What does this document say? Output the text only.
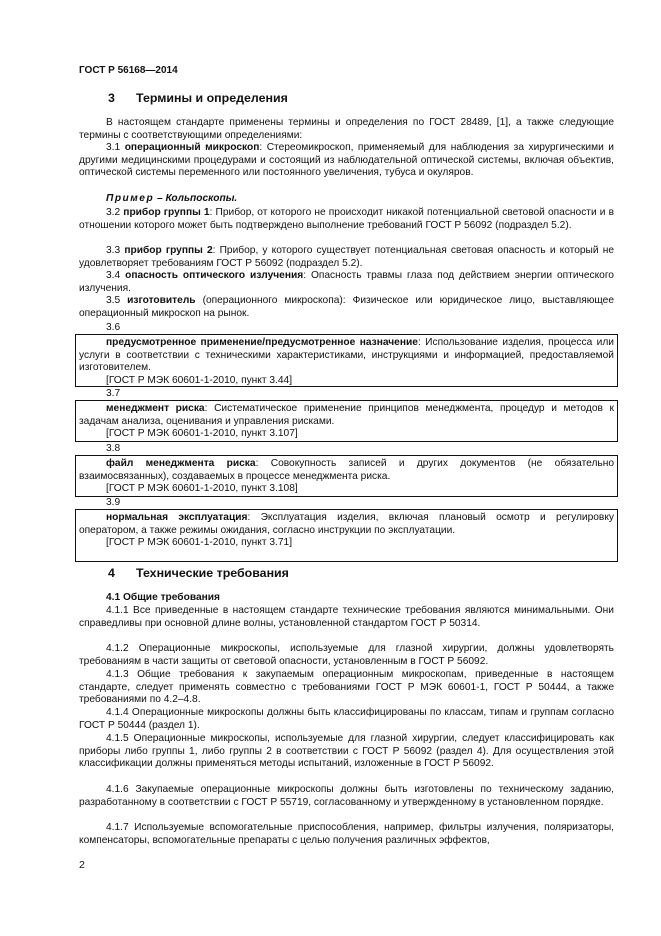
ГОСТ Р 56168—2014
3 Термины и определения
В настоящем стандарте применены термины и определения по ГОСТ 28489, [1], а также следующие термины с соответствующими определениями:
3.1 операционный микроскоп: Стереомикроскоп, применяемый для наблюдения за хирургическими и другими медицинскими процедурами и состоящий из наблюдательной оптической системы, включая объектив, оптической системы переменного или постоянного увеличения, тубуса и окуляров.
Пример – Кольпоскопы.
3.2 прибор группы 1: Прибор, от которого не происходит никакой потенциальной световой опасности и в отношении которого может быть подтверждено выполнение требований ГОСТ Р 56092 (подраздел 5.2).
3.3 прибор группы 2: Прибор, у которого существует потенциальная световая опасность и который не удовлетворяет требованиям ГОСТ Р 56092 (подраздел 5.2).
3.4 опасность оптического излучения: Опасность травмы глаза под действием энергии оптического излучения.
3.5 изготовитель (операционного микроскопа): Физическое или юридическое лицо, выставляющее операционный микроскоп на рынок.
3.6

предусмотренное применение/предусмотренное назначение: Использование изделия, процесса или услуги в соответствии с техническими характеристиками, инструкциями и информацией, предоставляемой изготовителем.

[ГОСТ Р МЭК 60601-1-2010, пункт 3.44]

3.7

менеджмент риска: Систематическое применение принципов менеджмента, процедур и методов к задачам анализа, оценивания и управления рисками.

[ГОСТ Р МЭК 60601-1-2010, пункт 3.107]

3.8

файл менеджмента риска: Совокупность записей и других документов (не обязательно взаимосвязанных), создаваемых в процессе менеджмента риска.

[ГОСТ Р МЭК 60601-1-2010, пункт 3.108]

3.9

нормальная эксплуатация: Эксплуатация изделия, включая плановый осмотр и регулировку оператором, а также режимы ожидания, согласно инструкции по эксплуатации.

[ГОСТ Р МЭК 60601-1-2010, пункт 3.71]

4 Технические требования
4.1 Общие требования
4.1.1 Все приведенные в настоящем стандарте технические требования являются минимальными. Они справедливы при основной длине волны, установленной стандартом ГОСТ Р 50314.
4.1.2 Операционные микроскопы, используемые для глазной хирургии, должны удовлетворять требованиям в части защиты от световой опасности, установленным в ГОСТ Р 56092.
4.1.3 Общие требования к закупаемым операционным микроскопам, приведенные в настоящем стандарте, следует применять совместно с требованиями ГОСТ Р МЭК 60601-1, ГОСТ Р 50444, а также требованиями по 4.2–4.8.
4.1.4 Операционные микроскопы должны быть классифицированы по классам, типам и группам согласно ГОСТ Р 50444 (раздел 1).
4.1.5 Операционные микроскопы, используемые для глазной хирургии, следует классифицировать как приборы либо группы 1, либо группы 2 в соответствии с ГОСТ Р 56092 (раздел 4). Для осуществления этой классификации должны применяться методы испытаний, изложенные в ГОСТ Р 56092.
4.1.6 Закупаемые операционные микроскопы должны быть изготовлены по техническому заданию, разработанному в соответствии с ГОСТ Р 55719, согласованному и утвержденному в установленном порядке.
4.1.7 Используемые вспомогательные приспособления, например, фильтры излучения, поляризаторы, компенсаторы, вспомогательные препараты с целью получения различных эффектов,
2
